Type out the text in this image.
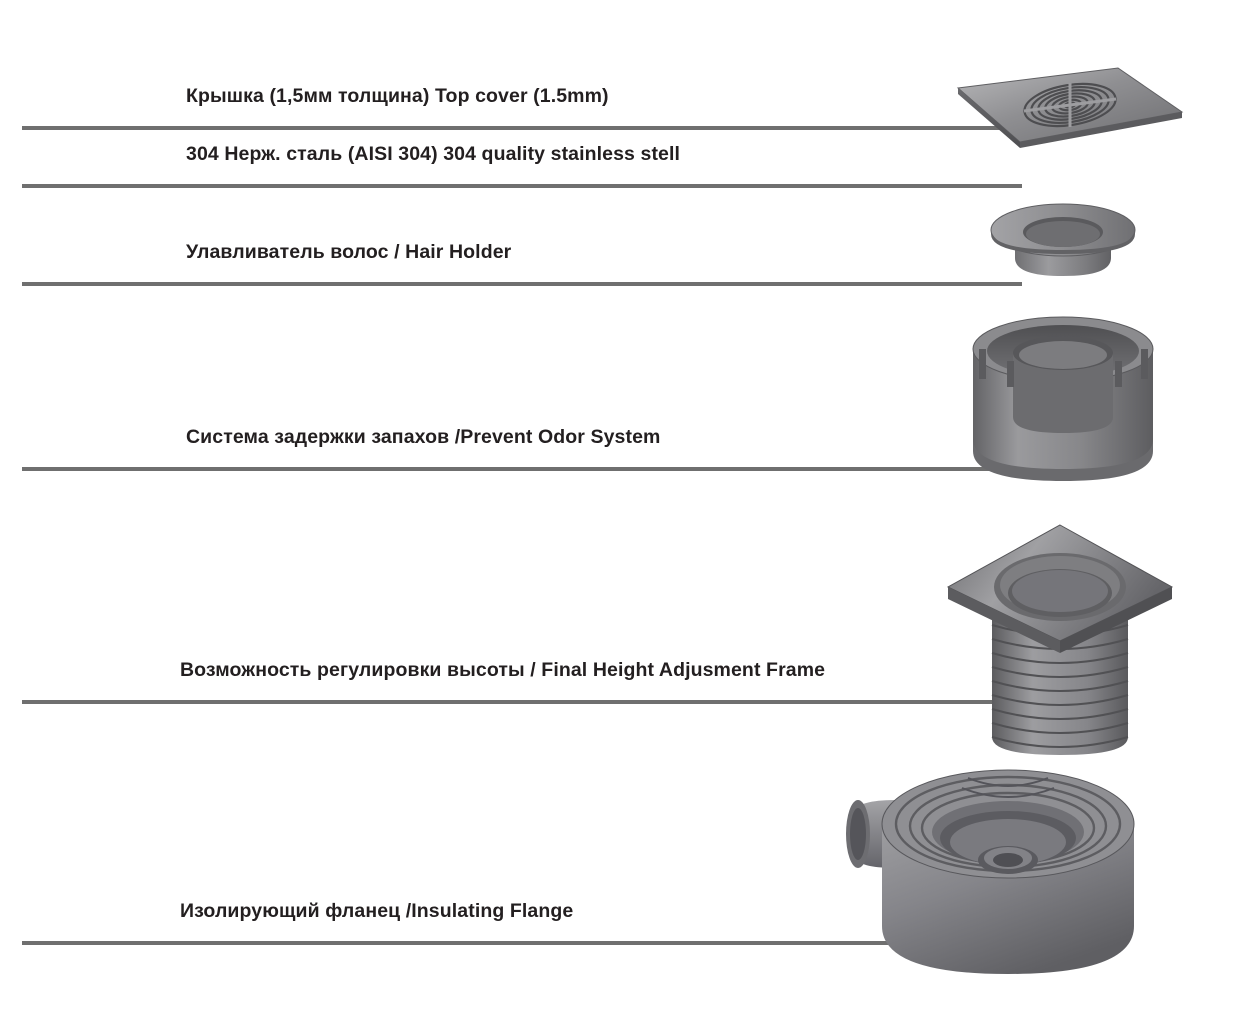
Крышка (1,5мм толщина) Top cover (1.5mm)
304 Нерж. сталь (AISI 304) 304 quality stainless stell
Улавливатель волос / Hair Holder
Система задержки запахов /Prevent Odor System
Возможность регулировки высоты / Final Height Adjusment Frame
Изолирующий фланец /Insulating Flange
